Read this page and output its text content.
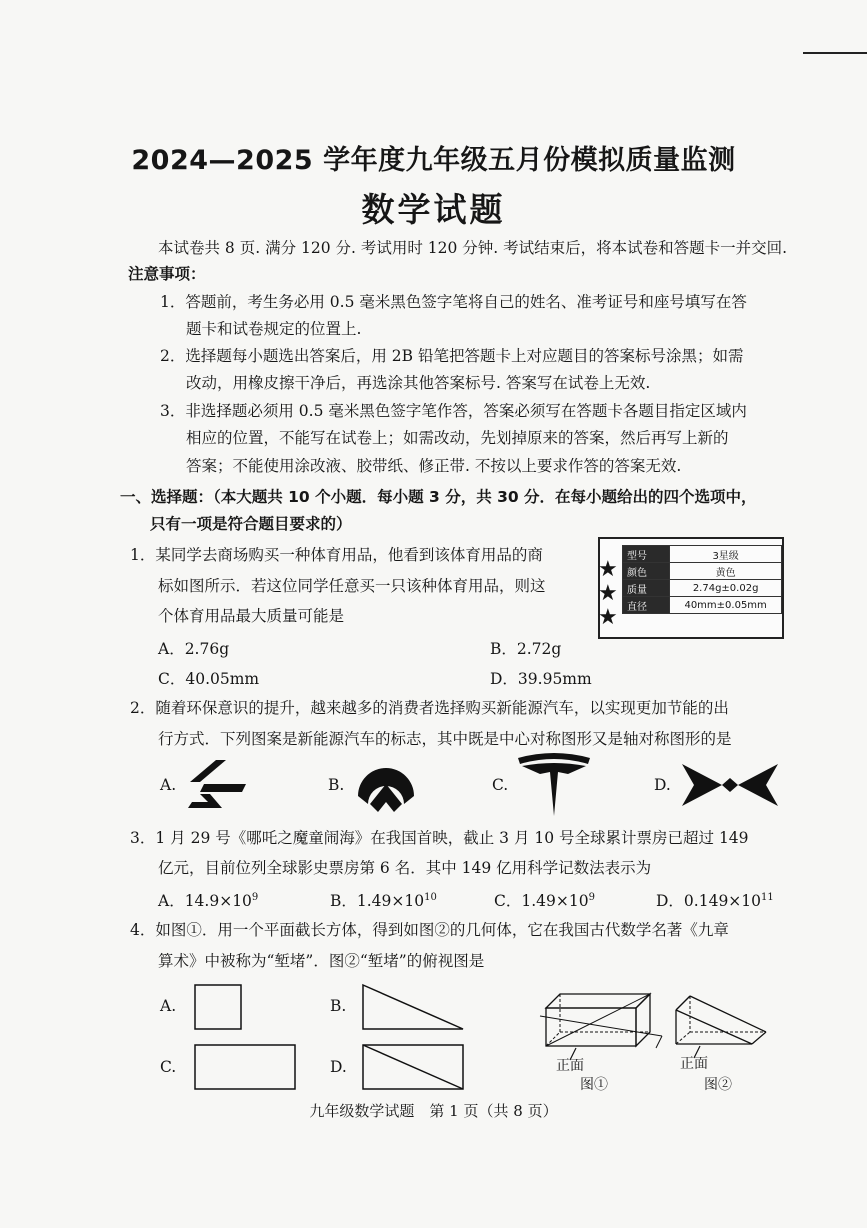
2024—2025 学年度九年级五月份模拟质量监测
数学试题
本试卷共 8 页. 满分 120 分. 考试用时 120 分钟. 考试结束后，将本试卷和答题卡一并交回.
注意事项：
1．答题前，考生务必用 0.5 毫米黑色签字笔将自己的姓名、准考证号和座号填写在答
题卡和试卷规定的位置上.
2．选择题每小题选出答案后，用 2B 铅笔把答题卡上对应题目的答案标号涂黑；如需
改动，用橡皮擦干净后，再选涂其他答案标号. 答案写在试卷上无效.
3．非选择题必须用 0.5 毫米黑色签字笔作答，答案必须写在答题卡各题目指定区域内
相应的位置，不能写在试卷上；如需改动，先划掉原来的答案，然后再写上新的
答案；不能使用涂改液、胶带纸、修正带. 不按以上要求作答的答案无效.
一、选择题：（本大题共 10 个小题．每小题 3 分，共 30 分．在每小题给出的四个选项中，
只有一项是符合题目要求的）
1．某同学去商场购买一种体育用品，他看到该体育用品的商
标如图所示．若这位同学任意买一只该种体育用品，则这
个体育用品最大质量可能是
A．2.76g	B．2.72g
C．40.05mm	D．39.95mm
★
★
★
型号	3星级
颜色	黄色
质量	2.74g±0.02g
直径	40mm±0.05mm
2．随着环保意识的提升，越来越多的消费者选择购买新能源汽车，以实现更加节能的出
行方式．下列图案是新能源汽车的标志，其中既是中心对称图形又是轴对称图形的是
A.	B.	C.	D.
3．1 月 29 号《哪吒之魔童闹海》在我国首映，截止 3 月 10 号全球累计票房已超过 149
亿元，目前位列全球影史票房第 6 名．其中 149 亿用科学记数法表示为
A．$14.9\times 10^9$	B．$1.49\times 10^{10}$	C．$1.49\times 10^9$	D．$0.149\times 10^{11}$
4．如图①．用一个平面截长方体，得到如图②的几何体，它在我国古代数学名著《九章
算术》中被称为“堑堵”．图②“堑堵”的俯视图是
A.	B.
C.	D.	正面
图①
正面
图②
九年级数学试题　第 1 页（共 8 页）
